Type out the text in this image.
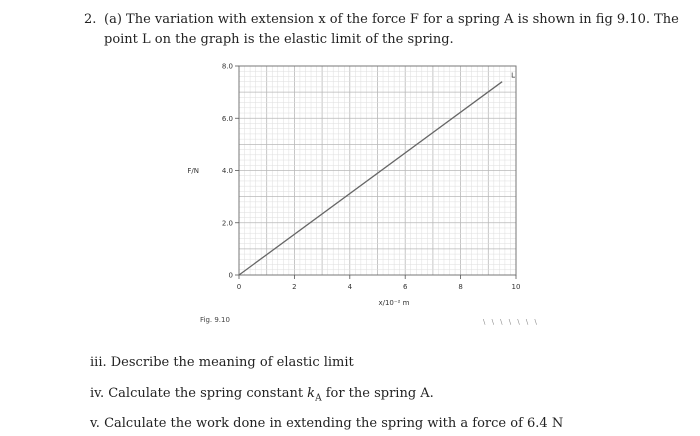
2. (a) The variation with extension x of the force F for a spring A is shown in fig 9.10. The point L on the graph is the elastic limit of the spring.
0	2	4	6	8	10
0
2.0
4.0
6.0
8.0
L
F/N
x/10⁻² m
Fig. 9.10	\ \ \ \ \ \ \
iii. Describe the meaning of elastic limit
iv. Calculate the spring constant $k_A$ for the spring A.
v. Calculate the work done in extending the spring with a force of 6.4 N
